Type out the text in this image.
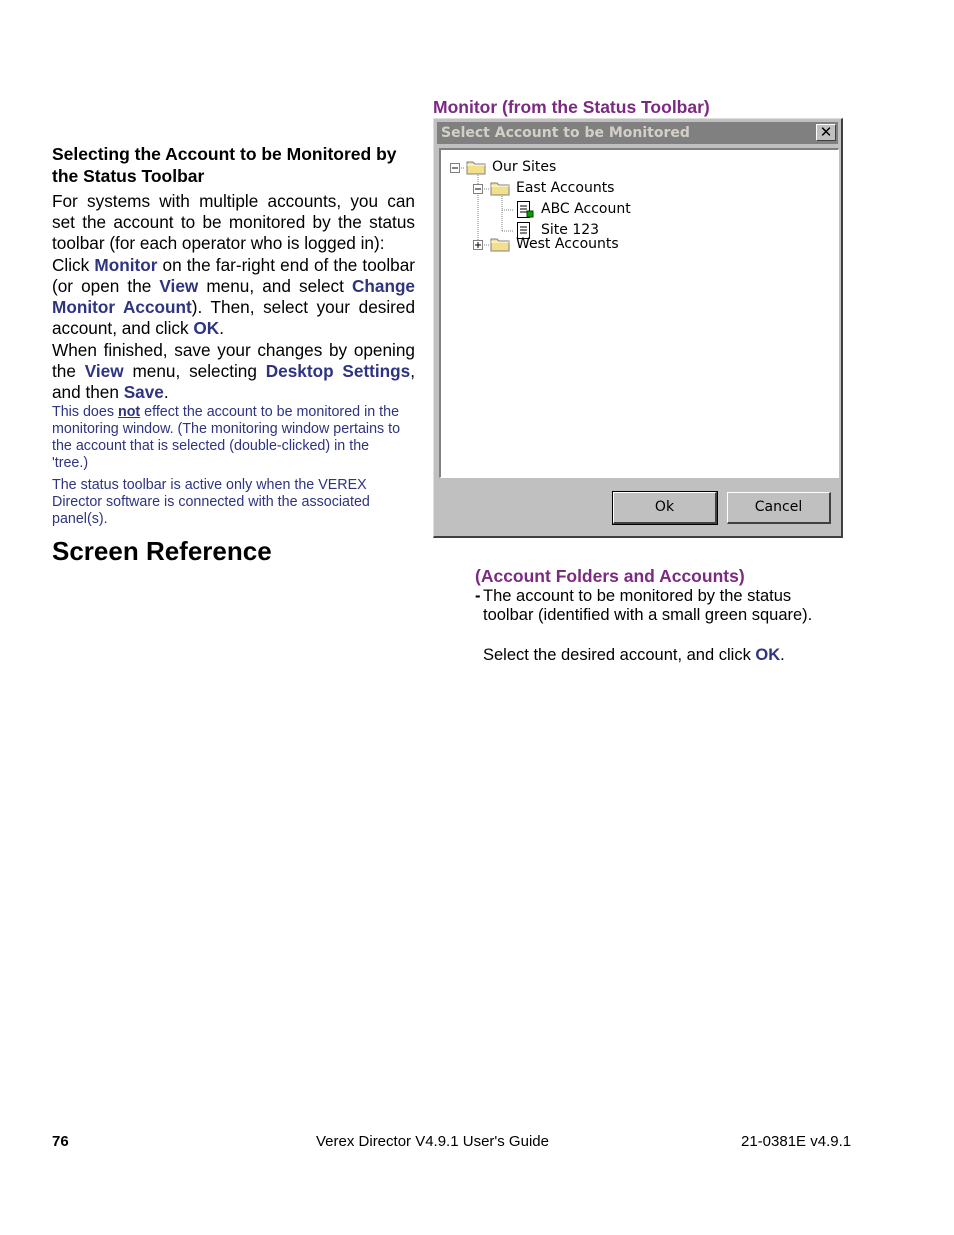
Selecting the Account to be Monitored by the Status Toolbar
For systems with multiple accounts, you can set the account to be monitored by the status toolbar (for each operator who is logged in):
Click Monitor on the far-right end of the toolbar (or open the View menu, and select Change Monitor Account). Then, select your desired account, and click OK.
When finished, save your changes by opening the View menu, selecting Desktop Settings, and then Save.
This does not effect the account to be monitored in the monitoring window. (The monitoring window pertains to the account that is selected (double-clicked) in the 'tree.)
The status toolbar is active only when the VEREX Director software is connected with the associated panel(s).
Screen Reference
Monitor (from the Status Toolbar)
Select Account to be Monitored	✕
Our Sites
East Accounts
ABC Account
Site 123
West Accounts
Ok	Cancel
(Account Folders and Accounts)
- The account to be monitored by the status toolbar (identified with a small green square).
Select the desired account, and click OK.
76	Verex Director V4.9.1 User's Guide	21-0381E v4.9.1
